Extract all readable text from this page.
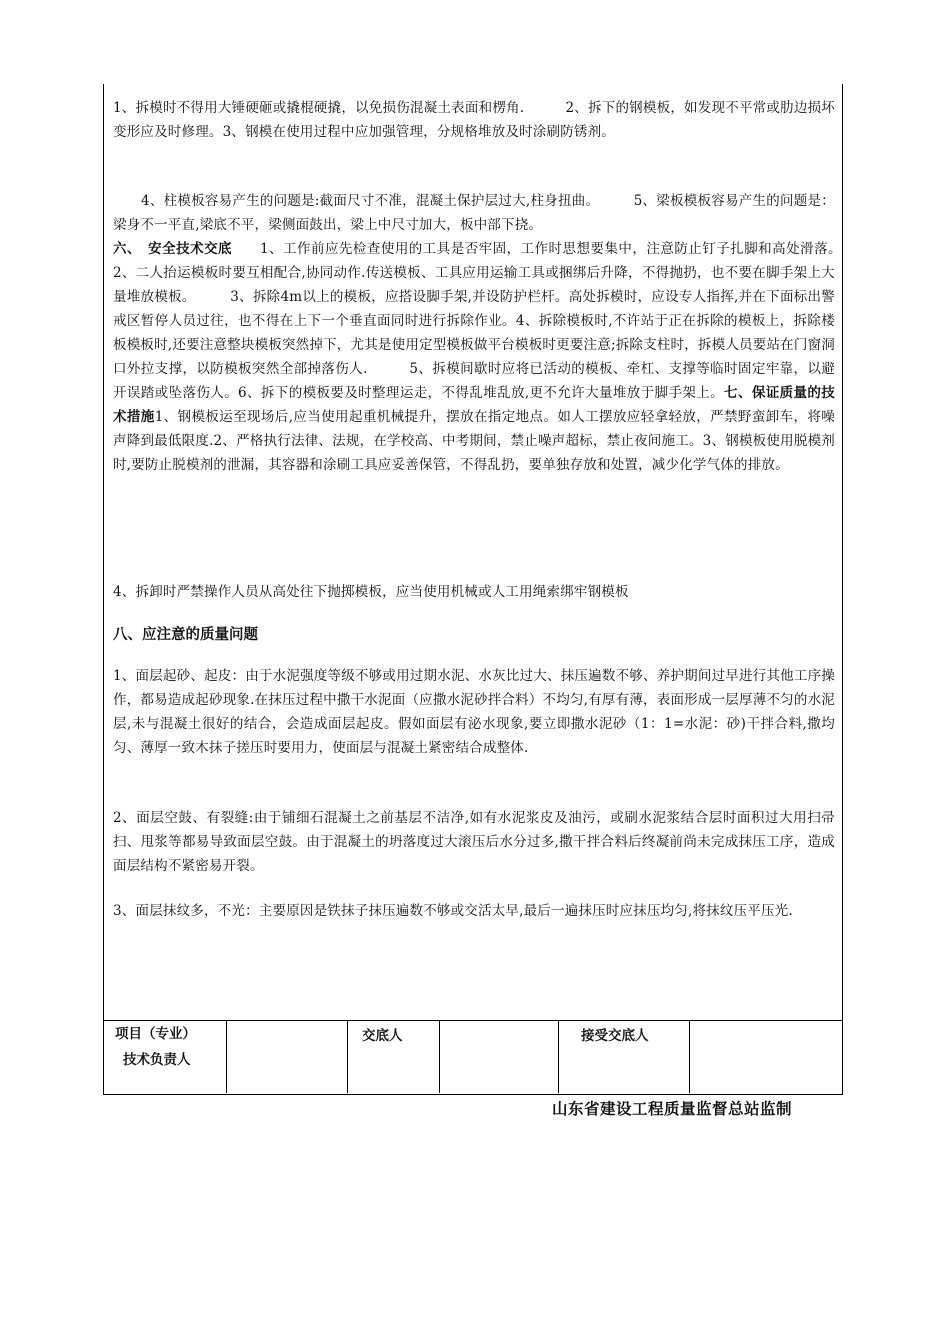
1、拆模时不得用大锤硬砸或撬棍硬撬，以免损伤混凝土表面和楞角.　　　2、拆下的钢模板，如发现不平常或肋边损坏变形应及时修理。3、钢模在使用过程中应加强管理，分规格堆放及时涂刷防锈剂。

4、柱模板容易产生的问题是:截面尺寸不准，混凝土保护层过大,柱身扭曲。　　　5、梁板模板容易产生的问题是：梁身不一平直,梁底不平，梁侧面鼓出，梁上中尺寸加大，板中部下挠。

六、　安全技术交底　　1、工作前应先检查使用的工具是否牢固，工作时思想要集中，注意防止钉子扎脚和高处滑落。　　　2、二人抬运模板时要互相配合,协同动作.传送模板、工具应用运输工具或捆绑后升降，不得抛扔，也不要在脚手架上大量堆放模板。　　　3、拆除4m以上的模板，应搭设脚手架,并设防护栏杆。高处拆模时，应设专人指挥,并在下面标出警戒区暂停人员过往，也不得在上下一个垂直面同时进行拆除作业。4、拆除模板时,不许站于正在拆除的模板上，拆除楼板模板时,还要注意整块模板突然掉下，尤其是使用定型模板做平台模板时更要注意;拆除支柱时，拆模人员要站在门窗洞口外拉支撑，以防模板突然全部掉落伤人.　　　5、拆模间歇时应将已活动的模板、牵杠、支撑等临时固定牢靠，以避开误踏或坠落伤人。6、拆下的模板要及时整理运走，不得乱堆乱放,更不允许大量堆放于脚手架上。七、保证质量的技术措施1、钢模板运至现场后,应当使用起重机械提升，摆放在指定地点。如人工摆放应轻拿轻放，严禁野蛮卸车，将噪声降到最低限度.2、严格执行法律、法规，在学校高、中考期间，禁止噪声超标，禁止夜间施工。3、钢模板使用脱模剂时,要防止脱模剂的泄漏，其容器和涂刷工具应妥善保管，不得乱扔，要单独存放和处置，减少化学气体的排放。

4、拆卸时严禁操作人员从高处往下抛掷模板，应当使用机械或人工用绳索绑牢钢模板

八、应注意的质量问题

1、面层起砂、起皮：由于水泥强度等级不够或用过期水泥、水灰比过大、抹压遍数不够、养护期间过早进行其他工序操作，都易造成起砂现象.在抹压过程中撒干水泥面（应撒水泥砂拌合料）不均匀,有厚有薄，表面形成一层厚薄不匀的水泥层,未与混凝土很好的结合，会造成面层起皮。假如面层有泌水现象,要立即撒水泥砂（1：1=水泥：砂)干拌合料,撒均匀、薄厚一致木抹子搓压时要用力，使面层与混凝土紧密结合成整体.

2、面层空鼓、有裂缝:由于铺细石混凝土之前基层不洁净,如有水泥浆皮及油污，或刷水泥浆结合层时面积过大用扫帚扫、甩浆等都易导致面层空鼓。由于混凝土的坍落度过大滚压后水分过多,撒干拌合料后终凝前尚未完成抹压工序，造成面层结构不紧密易开裂。

3、面层抹纹多，不光：主要原因是铁抹子抹压遍数不够或交活太早,最后一遍抹压时应抹压均匀,将抹纹压平压光.

项目（专业）
技术负责人
交底人	接受交底人
山东省建设工程质量监督总站监制
